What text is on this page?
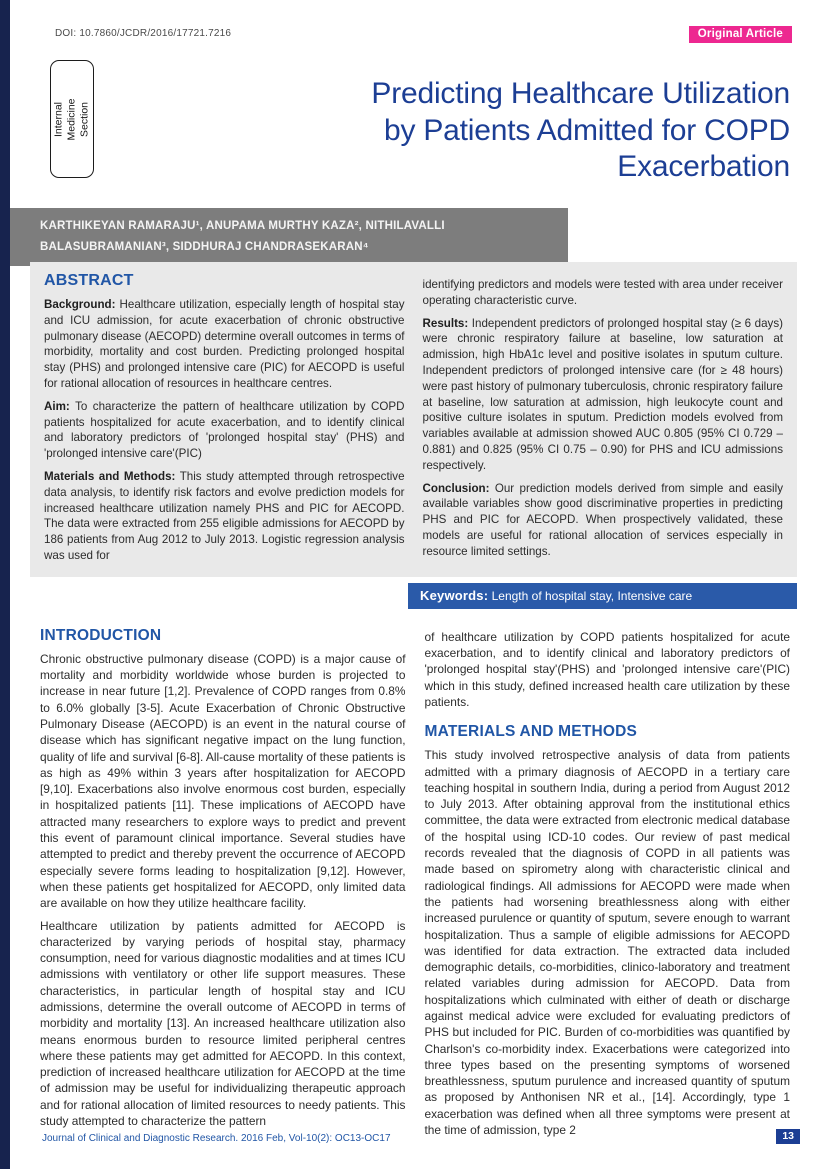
DOI: 10.7860/JCDR/2016/17721.7216	Original Article
Internal Medicine Section
Predicting Healthcare Utilization
by Patients Admitted for COPD
Exacerbation
KARTHIKEYAN RAMARAJU¹, ANUPAMA MURTHY KAZA², NITHILAVALLI BALASUBRAMANIAN³, SIDDHURAJ CHANDRASEKARAN⁴
ABSTRACT

Background: Healthcare utilization, especially length of hospital stay and ICU admission, for acute exacerbation of chronic obstructive pulmonary disease (AECOPD) determine overall outcomes in terms of morbidity, mortality and cost burden. Predicting prolonged hospital stay (PHS) and prolonged intensive care (PIC) for AECOPD is useful for rational allocation of resources in healthcare centres.

Aim: To characterize the pattern of healthcare utilization by COPD patients hospitalized for acute exacerbation, and to identify clinical and laboratory predictors of 'prolonged hospital stay' (PHS) and 'prolonged intensive care'(PIC)

Materials and Methods: This study attempted through retrospective data analysis, to identify risk factors and evolve prediction models for increased healthcare utilization namely PHS and PIC for AECOPD. The data were extracted from 255 eligible admissions for AECOPD by 186 patients from Aug 2012 to July 2013. Logistic regression analysis was used for

identifying predictors and models were tested with area under receiver operating characteristic curve.

Results: Independent predictors of prolonged hospital stay (≥ 6 days) were chronic respiratory failure at baseline, low saturation at admission, high HbA1c level and positive isolates in sputum culture. Independent predictors of prolonged intensive care (for ≥ 48 hours) were past history of pulmonary tuberculosis, chronic respiratory failure at baseline, low saturation at admission, high leukocyte count and positive culture isolates in sputum. Prediction models evolved from variables available at admission showed AUC 0.805 (95% CI 0.729 – 0.881) and 0.825 (95% CI 0.75 – 0.90) for PHS and ICU admissions respectively.

Conclusion: Our prediction models derived from simple and easily available variables show good discriminative properties in predicting PHS and PIC for AECOPD. When prospectively validated, these models are useful for rational allocation of services especially in resource limited settings.

Keywords: Length of hospital stay, Intensive care
INTRODUCTION

Chronic obstructive pulmonary disease (COPD) is a major cause of mortality and morbidity worldwide whose burden is projected to increase in near future [1,2]. Prevalence of COPD ranges from 0.8% to 6.0% globally [3-5]. Acute Exacerbation of Chronic Obstructive Pulmonary Disease (AECOPD) is an event in the natural course of disease which has significant negative impact on the lung function, quality of life and survival [6-8]. All-cause mortality of these patients is as high as 49% within 3 years after hospitalization for AECOPD [9,10]. Exacerbations also involve enormous cost burden, especially in hospitalized patients [11]. These implications of AECOPD have attracted many researchers to explore ways to predict and prevent this event of paramount clinical importance. Several studies have attempted to predict and thereby prevent the occurrence of AECOPD especially severe forms leading to hospitalization [9,12]. However, when these patients get hospitalized for AECOPD, only limited data are available on how they utilize healthcare facility.

Healthcare utilization by patients admitted for AECOPD is characterized by varying periods of hospital stay, pharmacy consumption, need for various diagnostic modalities and at times ICU admissions with ventilatory or other life support measures. These characteristics, in particular length of hospital stay and ICU admissions, determine the overall outcome of AECOPD in terms of morbidity and mortality [13]. An increased healthcare utilization also means enormous burden to resource limited peripheral centres where these patients may get admitted for AECOPD. In this context, prediction of increased healthcare utilization for AECOPD at the time of admission may be useful for individualizing therapeutic approach and for rational allocation of limited resources to needy patients. This study attempted to characterize the pattern

of healthcare utilization by COPD patients hospitalized for acute exacerbation, and to identify clinical and laboratory predictors of 'prolonged hospital stay'(PHS) and 'prolonged intensive care'(PIC) which in this study, defined increased health care utilization by these patients.

MATERIALS AND METHODS

This study involved retrospective analysis of data from patients admitted with a primary diagnosis of AECOPD in a tertiary care teaching hospital in southern India, during a period from August 2012 to July 2013. After obtaining approval from the institutional ethics committee, the data were extracted from electronic medical database of the hospital using ICD-10 codes. Our review of past medical records revealed that the diagnosis of COPD in all patients was made based on spirometry along with characteristic clinical and radiological findings. All admissions for AECOPD were made when the patients had worsening breathlessness along with either increased purulence or quantity of sputum, severe enough to warrant hospitalization. Thus a sample of eligible admissions for AECOPD was identified for data extraction. The extracted data included demographic details, co-morbidities, clinico-laboratory and treatment related variables during admission for AECOPD. Data from hospitalizations which culminated with either of death or discharge against medical advice were excluded for evaluating predictors of PHS but included for PIC. Burden of co-morbidities was quantified by Charlson's co-morbidity index. Exacerbations were categorized into three types based on the presenting symptoms of worsened breathlessness, sputum purulence and increased quantity of sputum as proposed by Anthonisen NR et al., [14]. Accordingly, type 1 exacerbation was defined when all three symptoms were present at the time of admission, type 2

Journal of Clinical and Diagnostic Research. 2016 Feb, Vol-10(2): OC13-OC17	13
